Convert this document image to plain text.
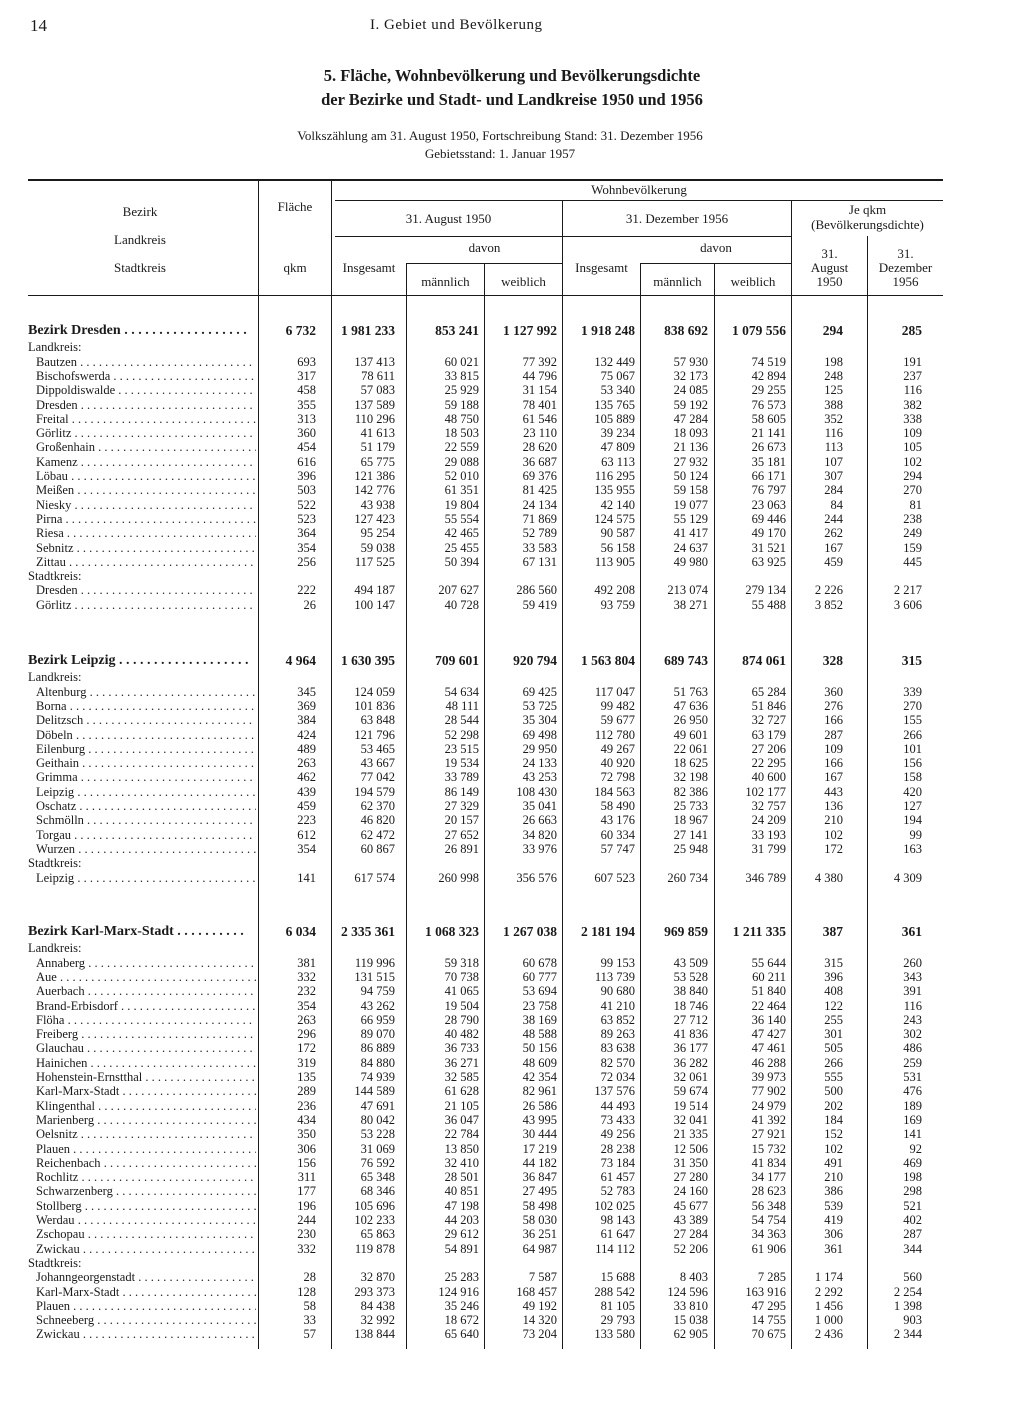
14	I. Gebiet und Bevölkerung
5. Fläche, Wohnbevölkerung und Bevölkerungsdichte
der Bezirke und Stadt- und Landkreise 1950 und 1956
Volkszählung am 31. August 1950, Fortschreibung Stand: 31. Dezember 1956
Gebietsstand: 1. Januar 1957
Bezirk
Landkreis
Stadtkreis
Fläche
qkm
Wohnbevölkerung
31. August 1950	31. Dezember 1956
Je qkm
(Bevölkerungsdichte)
davon	davon
Insgesamt	Insgesamt
männlich	weiblich	männlich	weiblich
31.
August
1950
31.
Dezember
1956
Bezirk Dresden . . .	6 732	1 981 233	853 241	1 127 992	1 918 248	838 692	1 079 556	294	285
Landkreis:
Bautzen . . .	693	137 413	60 021	77 392	132 449	57 930	74 519	198	191
Bischofswerda . . .	317	78 611	33 815	44 796	75 067	32 173	42 894	248	237
Dippoldiswalde . . .	458	57 083	25 929	31 154	53 340	24 085	29 255	125	116
Dresden . . .	355	137 589	59 188	78 401	135 765	59 192	76 573	388	382
Freital . . .	313	110 296	48 750	61 546	105 889	47 284	58 605	352	338
Görlitz . . .	360	41 613	18 503	23 110	39 234	18 093	21 141	116	109
Großenhain . . .	454	51 179	22 559	28 620	47 809	21 136	26 673	113	105
Kamenz . . .	616	65 775	29 088	36 687	63 113	27 932	35 181	107	102
Löbau . . .	396	121 386	52 010	69 376	116 295	50 124	66 171	307	294
Meißen . . .	503	142 776	61 351	81 425	135 955	59 158	76 797	284	270
Niesky . . .	522	43 938	19 804	24 134	42 140	19 077	23 063	84	81
Pirna . . .	523	127 423	55 554	71 869	124 575	55 129	69 446	244	238
Riesa . . .	364	95 254	42 465	52 789	90 587	41 417	49 170	262	249
Sebnitz . . .	354	59 038	25 455	33 583	56 158	24 637	31 521	167	159
Zittau . . .	256	117 525	50 394	67 131	113 905	49 980	63 925	459	445
Stadtkreis:
Dresden . . .	222	494 187	207 627	286 560	492 208	213 074	279 134	2 226	2 217
Görlitz . . .	26	100 147	40 728	59 419	93 759	38 271	55 488	3 852	3 606
Bezirk Leipzig . . .	4 964	1 630 395	709 601	920 794	1 563 804	689 743	874 061	328	315
Landkreis:
Altenburg . . .	345	124 059	54 634	69 425	117 047	51 763	65 284	360	339
Borna . . .	369	101 836	48 111	53 725	99 482	47 636	51 846	276	270
Delitzsch . . .	384	63 848	28 544	35 304	59 677	26 950	32 727	166	155
Döbeln . . .	424	121 796	52 298	69 498	112 780	49 601	63 179	287	266
Eilenburg . . .	489	53 465	23 515	29 950	49 267	22 061	27 206	109	101
Geithain . . .	263	43 667	19 534	24 133	40 920	18 625	22 295	166	156
Grimma . . .	462	77 042	33 789	43 253	72 798	32 198	40 600	167	158
Leipzig . . .	439	194 579	86 149	108 430	184 563	82 386	102 177	443	420
Oschatz . . .	459	62 370	27 329	35 041	58 490	25 733	32 757	136	127
Schmölln . . .	223	46 820	20 157	26 663	43 176	18 967	24 209	210	194
Torgau . . .	612	62 472	27 652	34 820	60 334	27 141	33 193	102	99
Wurzen . . .	354	60 867	26 891	33 976	57 747	25 948	31 799	172	163
Stadtkreis:
Leipzig . . .	141	617 574	260 998	356 576	607 523	260 734	346 789	4 380	4 309
Bezirk Karl-Marx-Stadt . . .	6 034	2 335 361	1 068 323	1 267 038	2 181 194	969 859	1 211 335	387	361
Landkreis:
Annaberg . . .	381	119 996	59 318	60 678	99 153	43 509	55 644	315	260
Aue . . .	332	131 515	70 738	60 777	113 739	53 528	60 211	396	343
Auerbach . . .	232	94 759	41 065	53 694	90 680	38 840	51 840	408	391
Brand-Erbisdorf . . .	354	43 262	19 504	23 758	41 210	18 746	22 464	122	116
Flöha . . .	263	66 959	28 790	38 169	63 852	27 712	36 140	255	243
Freiberg . . .	296	89 070	40 482	48 588	89 263	41 836	47 427	301	302
Glauchau . . .	172	86 889	36 733	50 156	83 638	36 177	47 461	505	486
Hainichen . . .	319	84 880	36 271	48 609	82 570	36 282	46 288	266	259
Hohenstein-Ernstthal . . .	135	74 939	32 585	42 354	72 034	32 061	39 973	555	531
Karl-Marx-Stadt . . .	289	144 589	61 628	82 961	137 576	59 674	77 902	500	476
Klingenthal . . .	236	47 691	21 105	26 586	44 493	19 514	24 979	202	189
Marienberg . . .	434	80 042	36 047	43 995	73 433	32 041	41 392	184	169
Oelsnitz . . .	350	53 228	22 784	30 444	49 256	21 335	27 921	152	141
Plauen . . .	306	31 069	13 850	17 219	28 238	12 506	15 732	102	92
Reichenbach . . .	156	76 592	32 410	44 182	73 184	31 350	41 834	491	469
Rochlitz . . .	311	65 348	28 501	36 847	61 457	27 280	34 177	210	198
Schwarzenberg . . .	177	68 346	40 851	27 495	52 783	24 160	28 623	386	298
Stollberg . . .	196	105 696	47 198	58 498	102 025	45 677	56 348	539	521
Werdau . . .	244	102 233	44 203	58 030	98 143	43 389	54 754	419	402
Zschopau . . .	230	65 863	29 612	36 251	61 647	27 284	34 363	306	287
Zwickau . . .	332	119 878	54 891	64 987	114 112	52 206	61 906	361	344
Stadtkreis:
Johanngeorgenstadt . . .	28	32 870	25 283	7 587	15 688	8 403	7 285	1 174	560
Karl-Marx-Stadt . . .	128	293 373	124 916	168 457	288 542	124 596	163 916	2 292	2 254
Plauen . . .	58	84 438	35 246	49 192	81 105	33 810	47 295	1 456	1 398
Schneeberg . . .	33	32 992	18 672	14 320	29 793	15 038	14 755	1 000	903
Zwickau . . .	57	138 844	65 640	73 204	133 580	62 905	70 675	2 436	2 344
